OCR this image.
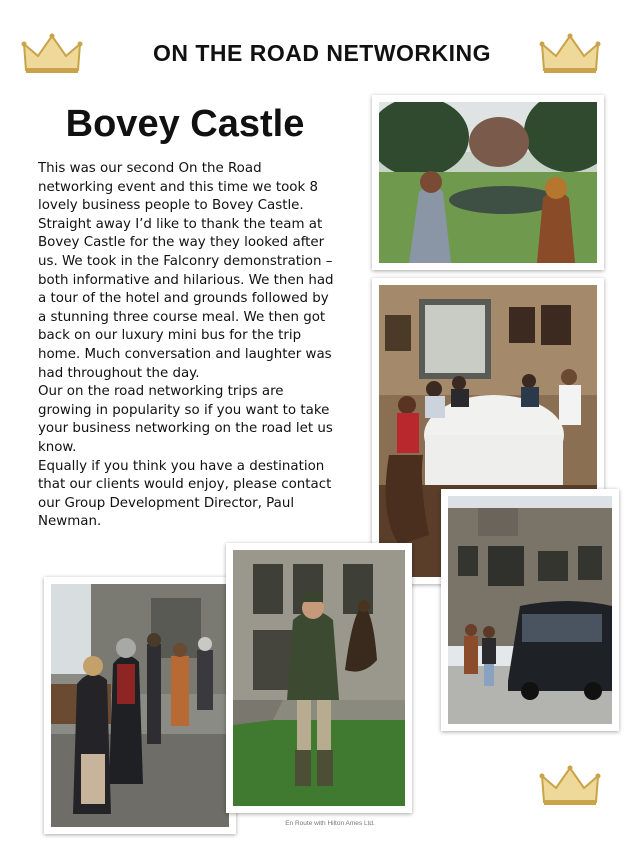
ON THE ROAD NETWORKING
Bovey Castle

This was our second On the Road networking event and this time we took 8 lovely business people to Bovey Castle. Straight away I’d like to thank the team at Bovey Castle for the way they looked after us. We took in the Falconry demonstration – both informative and hilarious. We then had a tour of the hotel and grounds followed by a stunning three course meal. We then got back on our luxury mini bus for the trip home. Much conversation and laughter was had throughout the day.

Our on the road networking trips are growing in popularity so if you want to take your business networking on the road let us know.

Equally if you think you have a destination that our clients would enjoy, please contact our Group Development Director, Paul Newman.

En Route with Hilton Ames Ltd.
